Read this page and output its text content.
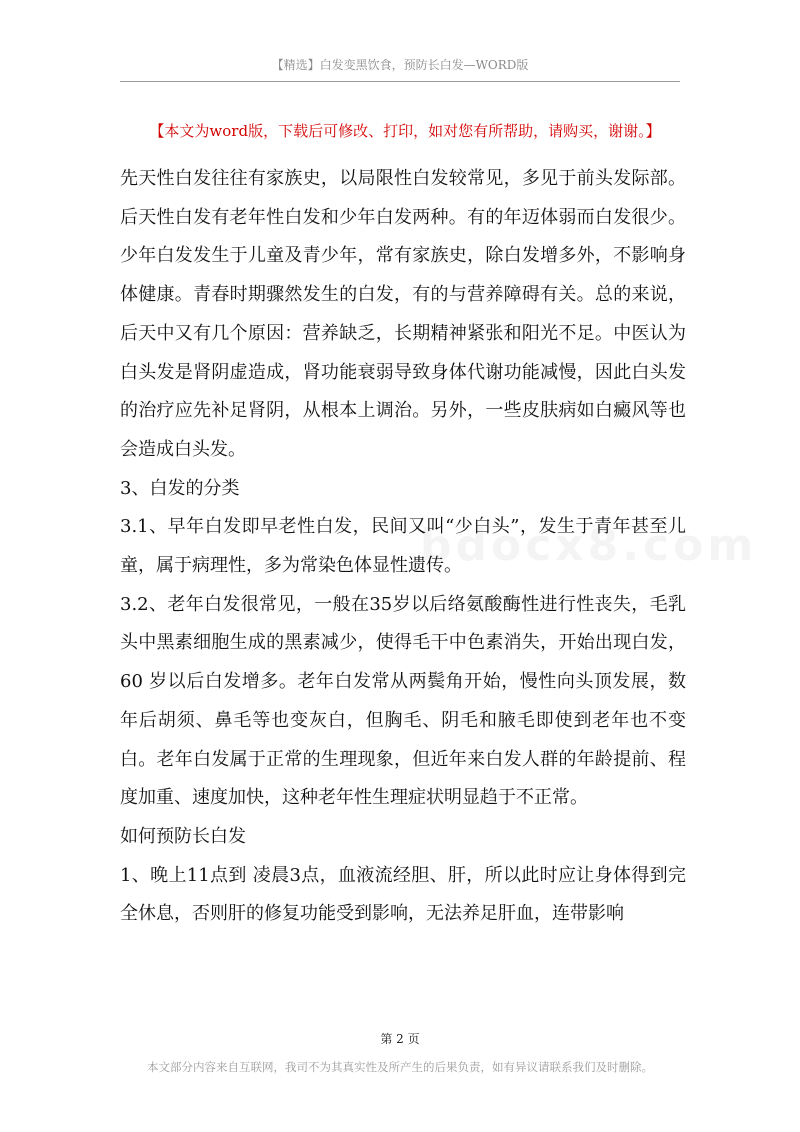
【精选】白发变黑饮食，预防长白发—WORD版
【本文为word版，下载后可修改、打印，如对您有所帮助，请购买，谢谢。】

先天性白发往往有家族史，以局限性白发较常见，多见于前头发际部。后天性白发有老年性白发和少年白发两种。有的年迈体弱而白发很少。少年白发发生于儿童及青少年，常有家族史，除白发增多外，不影响身体健康。青春时期骤然发生的白发，有的与营养障碍有关。总的来说，后天中又有几个原因：营养缺乏，长期精神紧张和阳光不足。中医认为白头发是肾阴虚造成，肾功能衰弱导致身体代谢功能减慢，因此白头发的治疗应先补足肾阴，从根本上调治。另外，一些皮肤病如白癜风等也会造成白头发。

3、白发的分类

3.1、早年白发即早老性白发，民间又叫“少白头”，发生于青年甚至儿童，属于病理性，多为常染色体显性遗传。

3.2、老年白发很常见，一般在35岁以后络氨酸酶性进行性丧失，毛乳头中黑素细胞生成的黑素减少，使得毛干中色素消失，开始出现白发，60 岁以后白发增多。老年白发常从两鬓角开始，慢性向头顶发展，数年后胡须、鼻毛等也变灰白，但胸毛、阴毛和腋毛即使到老年也不变白。老年白发属于正常的生理现象，但近年来白发人群的年龄提前、程度加重、速度加快，这种老年性生理症状明显趋于不正常。

如何预防长白发

1、晚上11点到 凌晨3点，血液流经胆、肝，所以此时应让身体得到完全休息，否则肝的修复功能受到影响，无法养足肝血，连带影响

第 2 页
本文部分内容来自互联网，我司不为其真实性及所产生的后果负责，如有异议请联系我们及时删除。
